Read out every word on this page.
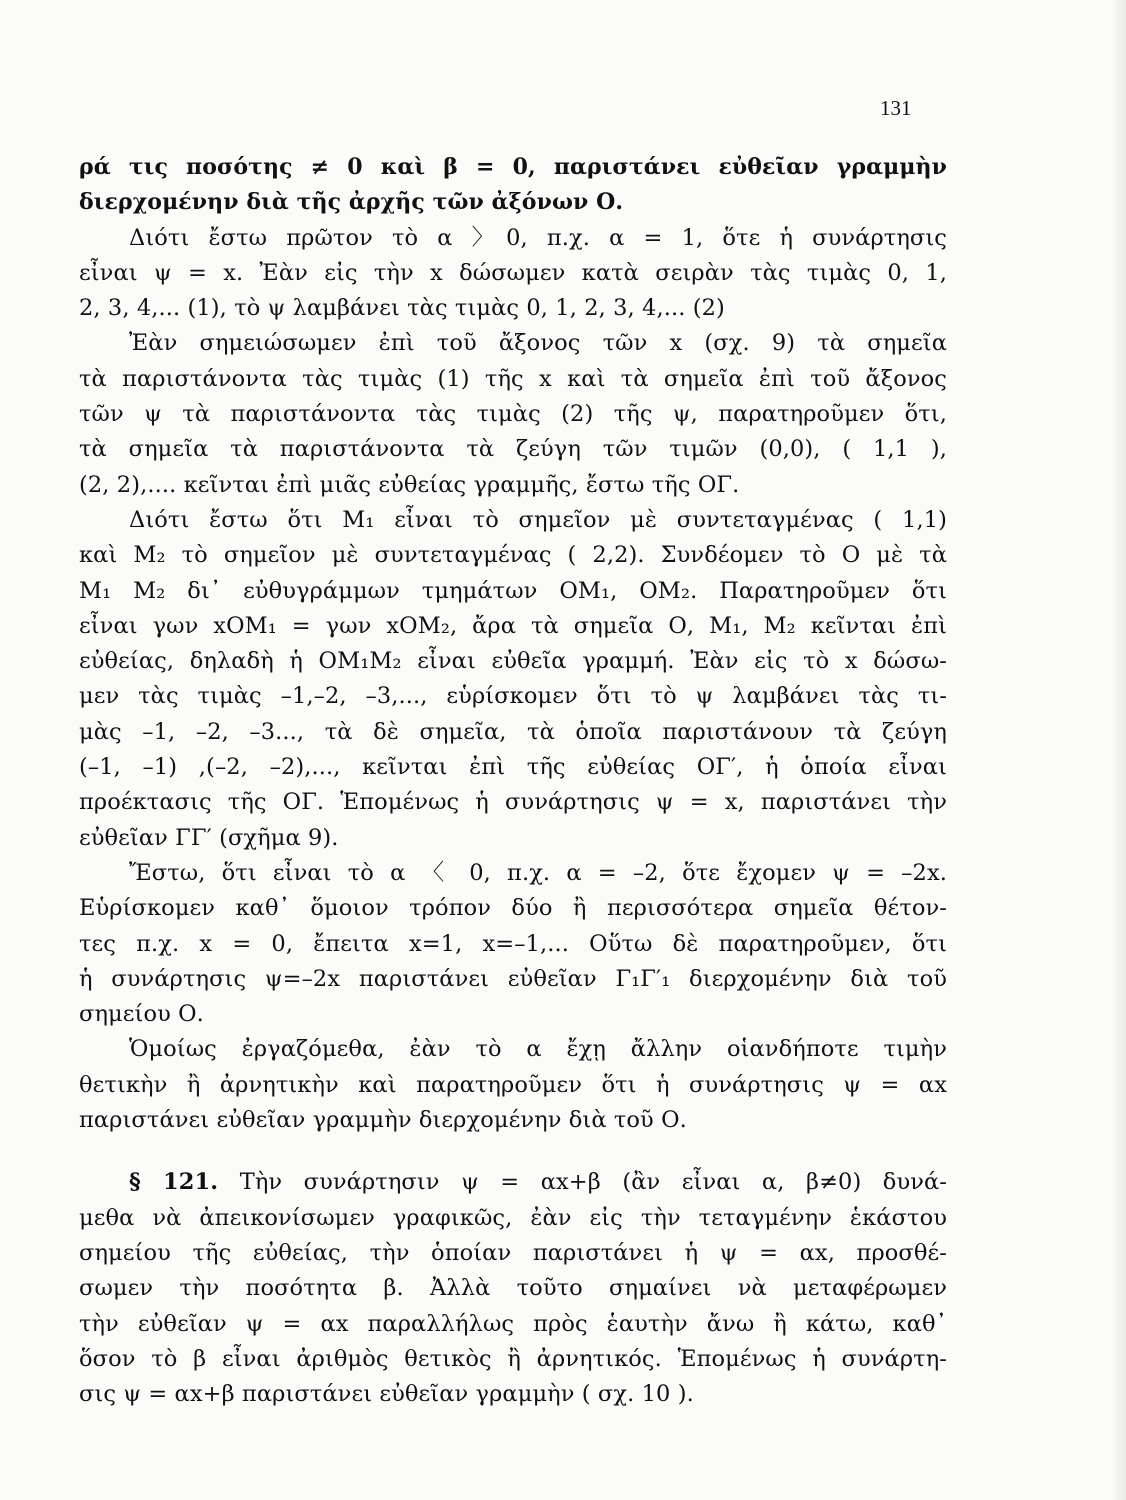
131
ρά τις ποσότης ≠ 0 καὶ β = 0, παριστάνει εὐθεῖαν γραμμὴν
διερχομένην διὰ τῆς ἀρχῆς τῶν ἀξόνων Ο.
Διότι ἔστω πρῶτον τὸ α 〉0, π.χ. α = 1, ὅτε ἡ συνάρτησις
εἶναι ψ = x. Ἐὰν εἰς τὴν x δώσωμεν κατὰ σειρὰν τὰς τιμὰς 0, 1,
2, 3, 4,... (1), τὸ ψ λαμβάνει τὰς τιμὰς 0, 1, 2, 3, 4,... (2)
Ἐὰν σημειώσωμεν ἐπὶ τοῦ ἄξονος τῶν x (σχ. 9) τὰ σημεῖα
τὰ παριστάνοντα τὰς τιμὰς (1) τῆς x καὶ τὰ σημεῖα ἐπὶ τοῦ ἄξονος
τῶν ψ τὰ παριστάνοντα τὰς τιμὰς (2) τῆς ψ, παρατηροῦμεν ὅτι,
τὰ σημεῖα τὰ παριστάνοντα τὰ ζεύγη τῶν τιμῶν (0,0), ( 1,1 ),
(2, 2),.... κεῖνται ἐπὶ μιᾶς εὐθείας γραμμῆς, ἔστω τῆς ΟΓ.
Διότι ἔστω ὅτι M₁ εἶναι τὸ σημεῖον μὲ συντεταγμένας ( 1,1)
καὶ M₂ τὸ σημεῖον μὲ συντεταγμένας ( 2,2). Συνδέομεν τὸ Ο μὲ τὰ
M₁ M₂ δι᾽ εὐθυγράμμων τμημάτων ΟΜ₁, ΟΜ₂. Παρατηροῦμεν ὅτι
εἶναι γων xΟΜ₁ = γων xΟΜ₂, ἄρα τὰ σημεῖα Ο, M₁, M₂ κεῖνται ἐπὶ
εὐθείας, δηλαδὴ ἡ ΟΜ₁Μ₂ εἶναι εὐθεῖα γραμμή. Ἐὰν εἰς τὸ x δώσω-
μεν τὰς τιμὰς –1,–2, –3,..., εὑρίσκομεν ὅτι τὸ ψ λαμβάνει τὰς τι-
μὰς –1, –2, –3..., τὰ δὲ σημεῖα, τὰ ὁποῖα παριστάνουν τὰ ζεύγη
(–1, –1) ,(–2, –2),..., κεῖνται ἐπὶ τῆς εὐθείας ΟΓ′, ἡ ὁποία εἶναι
προέκτασις τῆς ΟΓ. Ἑπομένως ἡ συνάρτησις ψ = x, παριστάνει τὴν
εὐθεῖαν ΓΓ′ (σχῆμα 9).
Ἔστω, ὅτι εἶναι τὸ α 〈 0, π.χ. α = –2, ὅτε ἔχομεν ψ = –2x.
Εὑρίσκομεν καθ᾽ ὅμοιον τρόπον δύο ἢ περισσότερα σημεῖα θέτον-
τες π.χ. x = 0, ἔπειτα x=1, x=–1,... Οὕτω δὲ παρατηροῦμεν, ὅτι
ἡ συνάρτησις ψ=–2x παριστάνει εὐθεῖαν Γ₁Γ′₁ διερχομένην διὰ τοῦ
σημείου Ο.
Ὁμοίως ἐργαζόμεθα, ἐὰν τὸ α ἔχῃ ἄλλην οἱανδήποτε τιμὴν
θετικὴν ἢ ἀρνητικὴν καὶ παρατηροῦμεν ὅτι ἡ συνάρτησις ψ = αx
παριστάνει εὐθεῖαν γραμμὴν διερχομένην διὰ τοῦ Ο.
§ 121. Τὴν συνάρτησιν ψ = αx+β (ἂν εἶναι α, β≠0) δυνά-
μεθα νὰ ἀπεικονίσωμεν γραφικῶς, ἐὰν εἰς τὴν τεταγμένην ἑκάστου
σημείου τῆς εὐθείας, τὴν ὁποίαν παριστάνει ἡ ψ = αx, προσθέ-
σωμεν τὴν ποσότητα β. Ἀλλὰ τοῦτο σημαίνει νὰ μεταφέρωμεν
τὴν εὐθεῖαν ψ = αx παραλλήλως πρὸς ἑαυτὴν ἄνω ἢ κάτω, καθ᾽
ὅσον τὸ β εἶναι ἀριθμὸς θετικὸς ἢ ἀρνητικός. Ἑπομένως ἡ συνάρτη-
σις ψ = αx+β παριστάνει εὐθεῖαν γραμμὴν ( σχ. 10 ).
